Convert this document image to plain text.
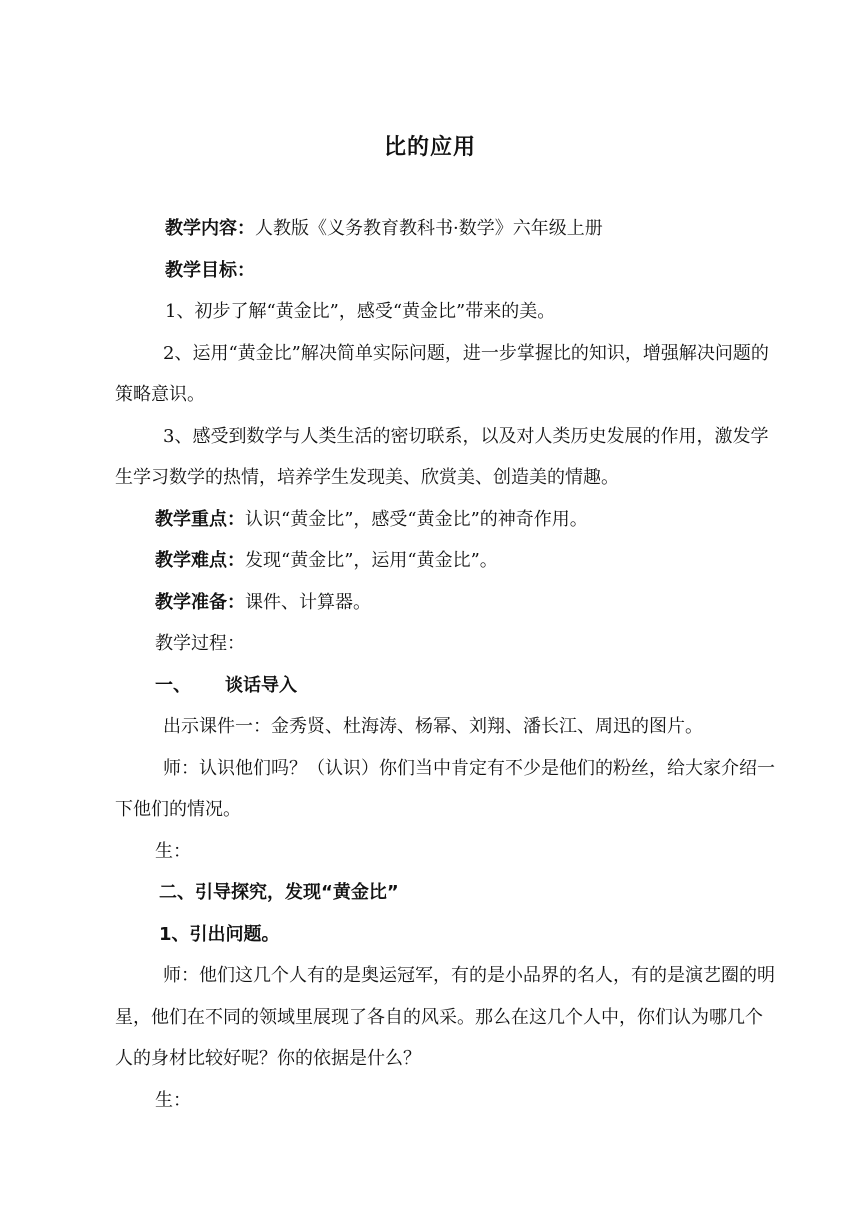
比的应用

教学内容：人教版《义务教育教科书·数学》六年级上册

教学目标：

1、初步了解“黄金比”，感受“黄金比”带来的美。

2、运用“黄金比”解决简单实际问题，进一步掌握比的知识，增强解决问题的策略意识。

3、感受到数学与人类生活的密切联系，以及对人类历史发展的作用，激发学生学习数学的热情，培养学生发现美、欣赏美、创造美的情趣。

教学重点：认识“黄金比”，感受“黄金比”的神奇作用。

教学难点：发现“黄金比”，运用“黄金比”。

教学准备：课件、计算器。

教学过程：

一、 谈话导入

出示课件一：金秀贤、杜海涛、杨幂、刘翔、潘长江、周迅的图片。

师：认识他们吗？（认识）你们当中肯定有不少是他们的粉丝，给大家介绍一下他们的情况。

生：

二、引导探究，发现“黄金比”

1、引出问题。

师：他们这几个人有的是奥运冠军，有的是小品界的名人，有的是演艺圈的明星，他们在不同的领域里展现了各自的风采。那么在这几个人中，你们认为哪几个人的身材比较好呢？你的依据是什么？

生：
